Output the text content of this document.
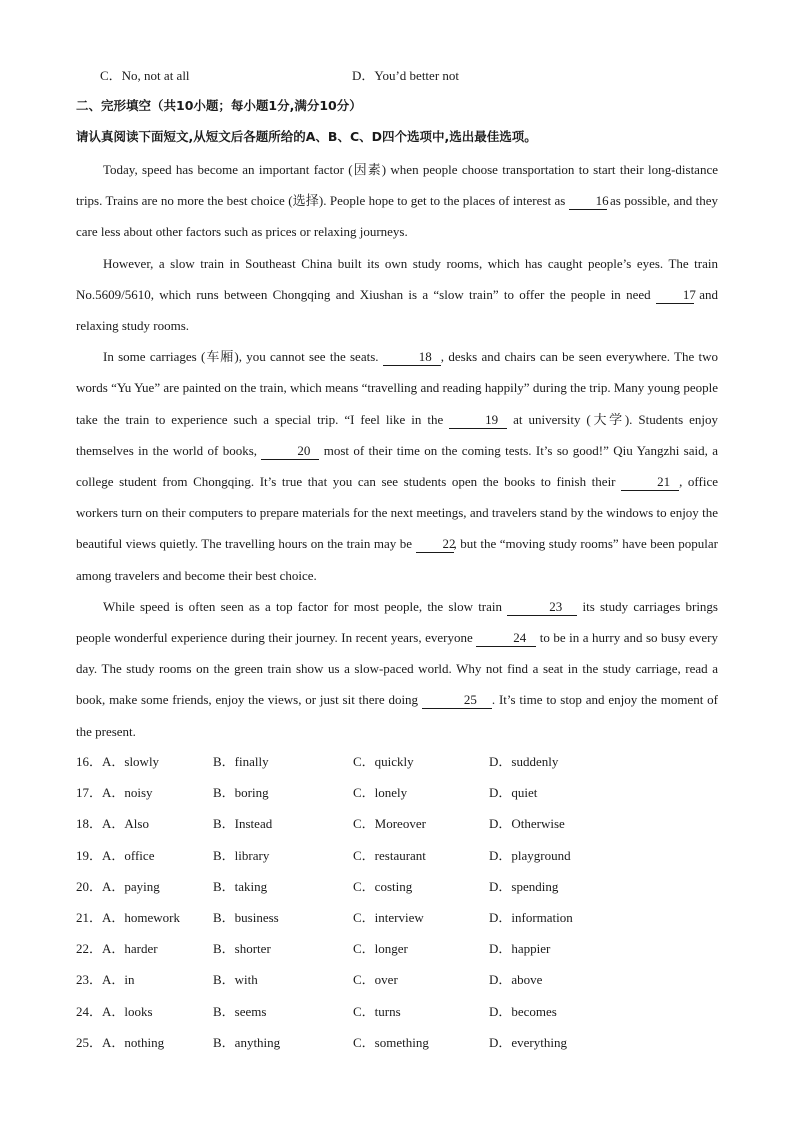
C．No, not at all	D．You’d better not
二、完形填空（共10小题；每小题1分,满分10分）
请认真阅读下面短文,从短文后各题所给的A、B、C、D四个选项中,选出最佳选项。

Today, speed has become an important factor (因素) when people choose transportation to start their long-distance trips. Trains are no more the best choice (选择). People hope to get to the places of interest as 16 as possible, and they care less about other factors such as prices or relaxing journeys.

However, a slow train in Southeast China built its own study rooms, which has caught people’s eyes. The train No.5609/5610, which runs between Chongqing and Xiushan is a “slow train” to offer the people in need 17 and relaxing study rooms.

In some carriages (车厢), you cannot see the seats.	18 , desks and chairs can be seen everywhere. The two words “Yu Yue” are painted on the train, which means “travelling and reading happily” during the trip. Many young people take the train to experience such a special trip. “I feel like in the	19 at university (大学). Students enjoy themselves in the world of books,	20 most of their time on the coming tests. It’s so good!” Qiu Yangzhi said, a college student from Chongqing. It’s true that you can see students open the books to finish their	21 , office workers turn on their computers to prepare materials for the next meetings, and travelers stand by the windows to enjoy the beautiful views quietly. The travelling hours on the train may be 22, but the “moving study rooms” have been popular among travelers and become their best choice.

While speed is often seen as a top factor for most people, the slow train	23 its study carriages brings people wonderful experience during their journey. In recent years, everyone	24 to be in a hurry and so busy every day. The study rooms on the green train show us a slow-paced world. Why not find a seat in the study carriage, read a book, make some friends, enjoy the views, or just sit there doing	25 . It’s time to stop and enjoy the moment of the present.

16．A．slowly	B．finally	C．quickly	D．suddenly
17．A．noisy	B．boring	C．lonely	D．quiet
18．A．Also	B．Instead	C．Moreover	D．Otherwise
19．A．office	B．library	C．restaurant	D．playground
20．A．paying	B．taking	C．costing	D．spending
21．A．homework	B．business	C．interview	D．information
22．A．harder	B．shorter	C．longer	D．happier
23．A．in	B．with	C．over	D．above
24．A．looks	B．seems	C．turns	D．becomes
25．A．nothing	B．anything	C．something	D．everything
